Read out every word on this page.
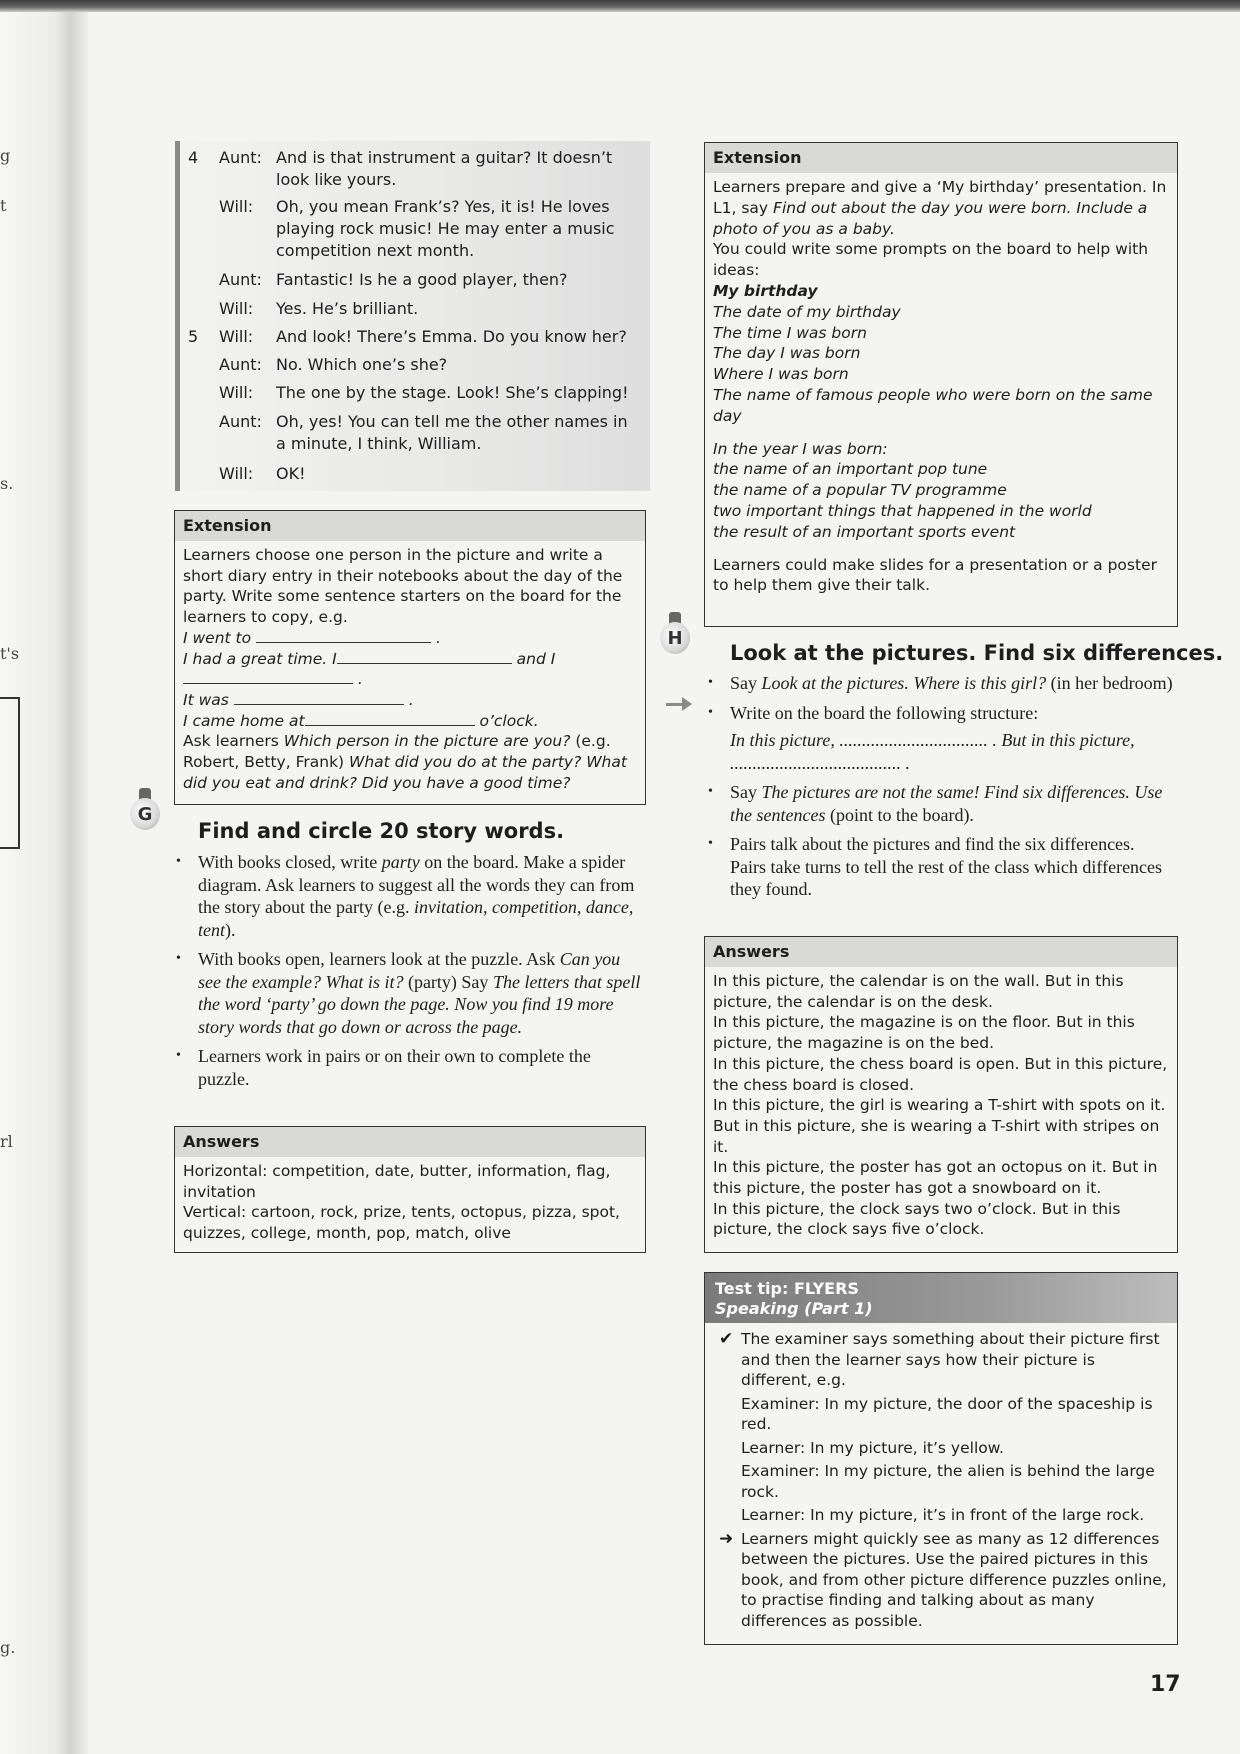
g
t
s.
t's
rl
g.
4 Aunt: And is that instrument a guitar? It doesn’t look like yours.
Will:	Oh, you mean Frank’s? Yes, it is! He loves playing rock music! He may enter a music competition next month.
Aunt: Fantastic! Is he a good player, then?
Will:	Yes. He’s brilliant.
5 Will:	And look! There’s Emma. Do you know her?
Aunt: No. Which one’s she?
Will:	The one by the stage. Look! She’s clapping!
Aunt: Oh, yes! You can tell me the other names in a minute, I think, William.
Will:	OK!
Extension

Learners choose one person in the picture and write a short diary entry in their notebooks about the day of the party. Write some sentence starters on the board for the learners to copy, e.g.

I went to	.

I had a great time. I	and I

.

It was	.

I came home at	o’clock.

Ask learners Which person in the picture are you? (e.g. Robert, Betty, Frank) What did you do at the party? What did you eat and drink? Did you have a good time?

G
Find and circle 20 story words.
• With books closed, write party on the board. Make a spider diagram. Ask learners to suggest all the words they can from the story about the party (e.g. invitation, competition, dance, tent).
• With books open, learners look at the puzzle. Ask Can you see the example? What is it? (party) Say The letters that spell the word ‘party’ go down the page. Now you find 19 more story words that go down or across the page.
• Learners work in pairs or on their own to complete the puzzle.
Answers

Horizontal: competition, date, butter, information, flag, invitation

Vertical: cartoon, rock, prize, tents, octopus, pizza, spot, quizzes, college, month, pop, match, olive

Extension

Learners prepare and give a ‘My birthday’ presentation. In L1, say Find out about the day you were born. Include a photo of you as a baby.

You could write some prompts on the board to help with ideas:

My birthday

The date of my birthday

The time I was born

The day I was born

Where I was born

The name of famous people who were born on the same day

In the year I was born:

the name of an important pop tune

the name of a popular TV programme

two important things that happened in the world

the result of an important sports event

Learners could make slides for a presentation or a poster to help them give their talk.

H
Look at the pictures. Find six differences.
• Say Look at the pictures. Where is this girl? (in her bedroom)
• Write on the board the following structure:

In this picture, ................................. . But in this picture, ...................................... .
• Say The pictures are not the same! Find six differences. Use the sentences (point to the board).
• Pairs talk about the pictures and find the six differences. Pairs take turns to tell the rest of the class which differences they found.
Answers

In this picture, the calendar is on the wall. But in this picture, the calendar is on the desk.

In this picture, the magazine is on the floor. But in this picture, the magazine is on the bed.

In this picture, the chess board is open. But in this picture, the chess board is closed.

In this picture, the girl is wearing a T-shirt with spots on it. But in this picture, she is wearing a T-shirt with stripes on it.

In this picture, the poster has got an octopus on it. But in this picture, the poster has got a snowboard on it.

In this picture, the clock says two o’clock. But in this picture, the clock says five o’clock.

Test tip: FLYERS
Speaking (Part 1)
✔ The examiner says something about their picture first and then the learner says how their picture is different, e.g.

Examiner: In my picture, the door of the spaceship is red.

Learner: In my picture, it’s yellow.

Examiner: In my picture, the alien is behind the large rock.

Learner: In my picture, it’s in front of the large rock.

➜ Learners might quickly see as many as 12 differences between the pictures. Use the paired pictures in this book, and from other picture difference puzzles online, to practise finding and talking about as many differences as possible.

17
